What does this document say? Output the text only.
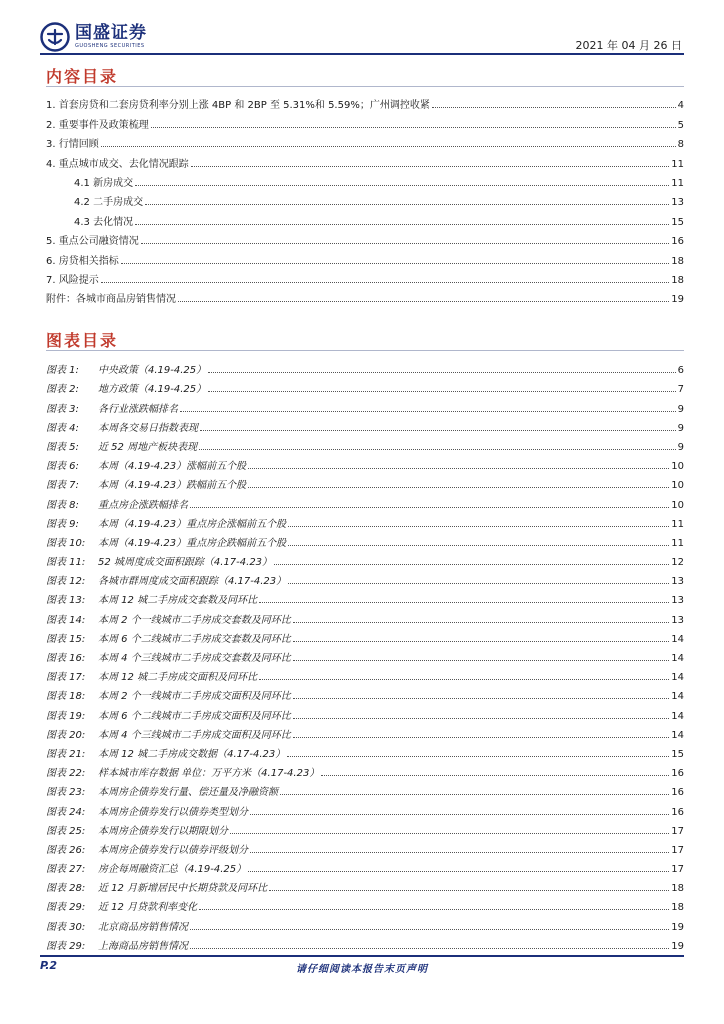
国盛证券
GUOSHENG SECURITIES	2021 年 04 月 26 日
内容目录
1. 首套房贷和二套房贷利率分别上涨 4BP 和 2BP 至 5.31%和 5.59%；广州调控收紧	4
2. 重要事件及政策梳理	5
3. 行情回顾	8
4. 重点城市成交、去化情况跟踪	11
4.1 新房成交	11
4.2 二手房成交	13
4.3 去化情况	15
5. 重点公司融资情况	16
6. 房贷相关指标	18
7. 风险提示	18
附件：各城市商品房销售情况	19
图表目录
图表 1:	中央政策（4.19-4.25）	6
图表 2:	地方政策（4.19-4.25）	7
图表 3:	各行业涨跌幅排名	9
图表 4:	本周各交易日指数表现	9
图表 5:	近 52 周地产板块表现	9
图表 6:	本周（4.19-4.23）涨幅前五个股	10
图表 7:	本周（4.19-4.23）跌幅前五个股	10
图表 8:	重点房企涨跌幅排名	10
图表 9:	本周（4.19-4.23）重点房企涨幅前五个股	11
图表 10:	本周（4.19-4.23）重点房企跌幅前五个股	11
图表 11:	52 城周度成交面积跟踪（4.17-4.23）	12
图表 12:	各城市群周度成交面积跟踪（4.17-4.23）	13
图表 13:	本周 12 城二手房成交套数及同环比	13
图表 14:	本周 2 个一线城市二手房成交套数及同环比	13
图表 15:	本周 6 个二线城市二手房成交套数及同环比	14
图表 16:	本周 4 个三线城市二手房成交套数及同环比	14
图表 17:	本周 12 城二手房成交面积及同环比	14
图表 18:	本周 2 个一线城市二手房成交面积及同环比	14
图表 19:	本周 6 个二线城市二手房成交面积及同环比	14
图表 20:	本周 4 个三线城市二手房成交面积及同环比	14
图表 21:	本周 12 城二手房成交数据（4.17-4.23）	15
图表 22:	样本城市库存数据 单位：万平方米（4.17-4.23）	16
图表 23:	本周房企债券发行量、偿还量及净融资额	16
图表 24:	本周房企债券发行以债券类型划分	16
图表 25:	本周房企债券发行以期限划分	17
图表 26:	本周房企债券发行以债券评级划分	17
图表 27:	房企每周融资汇总（4.19-4.25）	17
图表 28:	近 12 月新增居民中长期贷款及同环比	18
图表 29:	近 12 月贷款利率变化	18
图表 30:	北京商品房销售情况	19
图表 29:	上海商品房销售情况	19
P.2	请仔细阅读本报告末页声明
